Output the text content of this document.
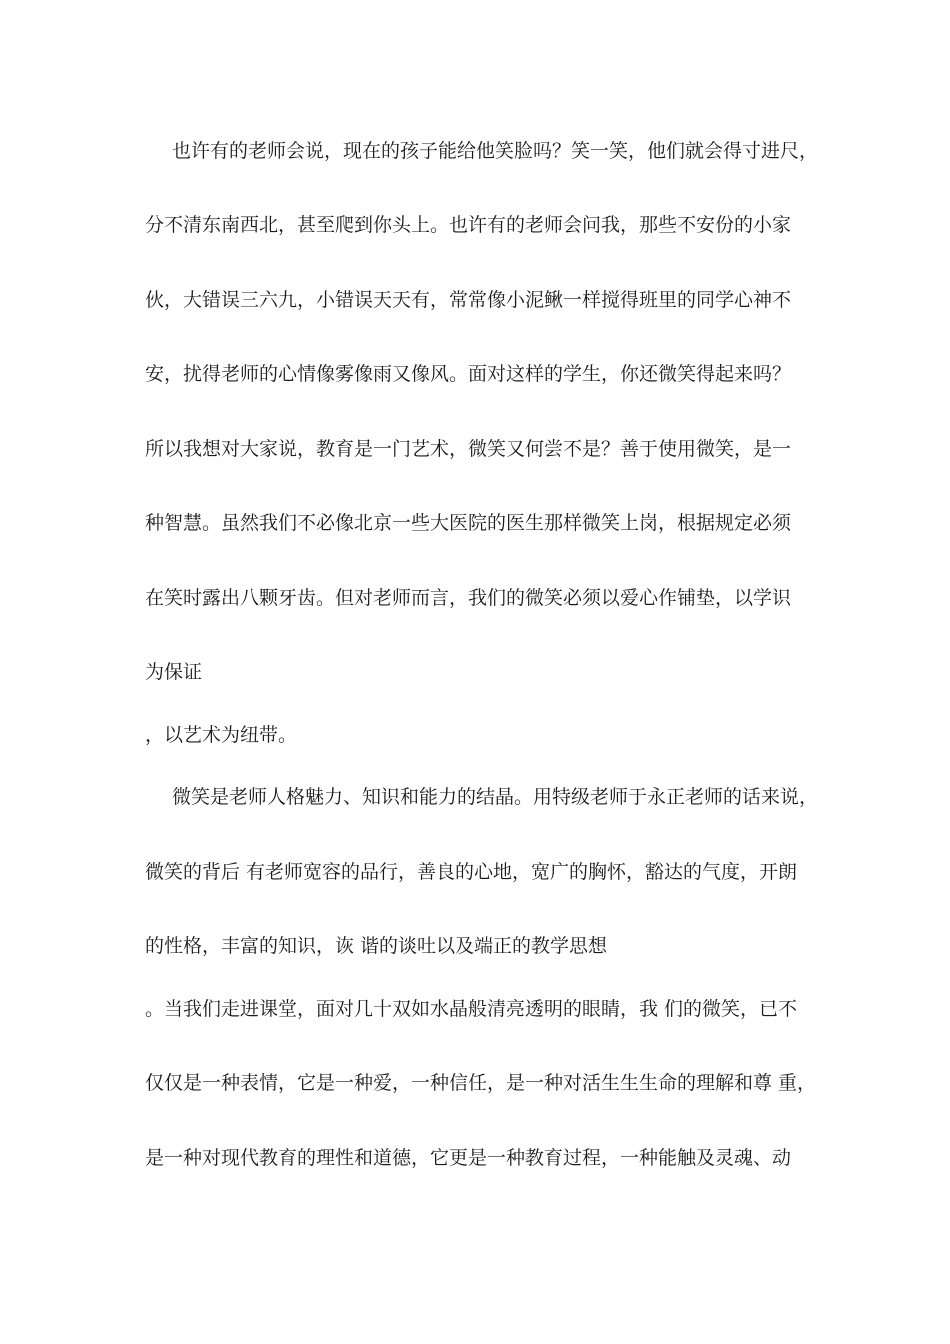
也许有的老师会说，现在的孩子能给他笑脸吗？笑一笑，他们就会得寸进尺，

分不清东南西北，甚至爬到你头上。也许有的老师会问我，那些不安份的小家

伙，大错误三六九，小错误天天有，常常像小泥鳅一样搅得班里的同学心神不

安，扰得老师的心情像雾像雨又像风。面对这样的学生，你还微笑得起来吗？

所以我想对大家说，教育是一门艺术，微笑又何尝不是？善于使用微笑，是一

种智慧。虽然我们不必像北京一些大医院的医生那样微笑上岗，根据规定必须

在笑时露出八颗牙齿。但对老师而言，我们的微笑必须以爱心作铺垫，以学识

为保证

，以艺术为纽带。

微笑是老师人格魅力、知识和能力的结晶。用特级老师于永正老师的话来说，

微笑的背后 有老师宽容的品行，善良的心地，宽广的胸怀，豁达的气度，开朗

的性格，丰富的知识，诙 谐的谈吐以及端正的教学思想

。当我们走进课堂，面对几十双如水晶般清亮透明的眼睛，我 们的微笑，已不

仅仅是一种表情，它是一种爱，一种信任，是一种对活生生生命的理解和尊 重，

是一种对现代教育的理性和道德，它更是一种教育过程，一种能触及灵魂、动
